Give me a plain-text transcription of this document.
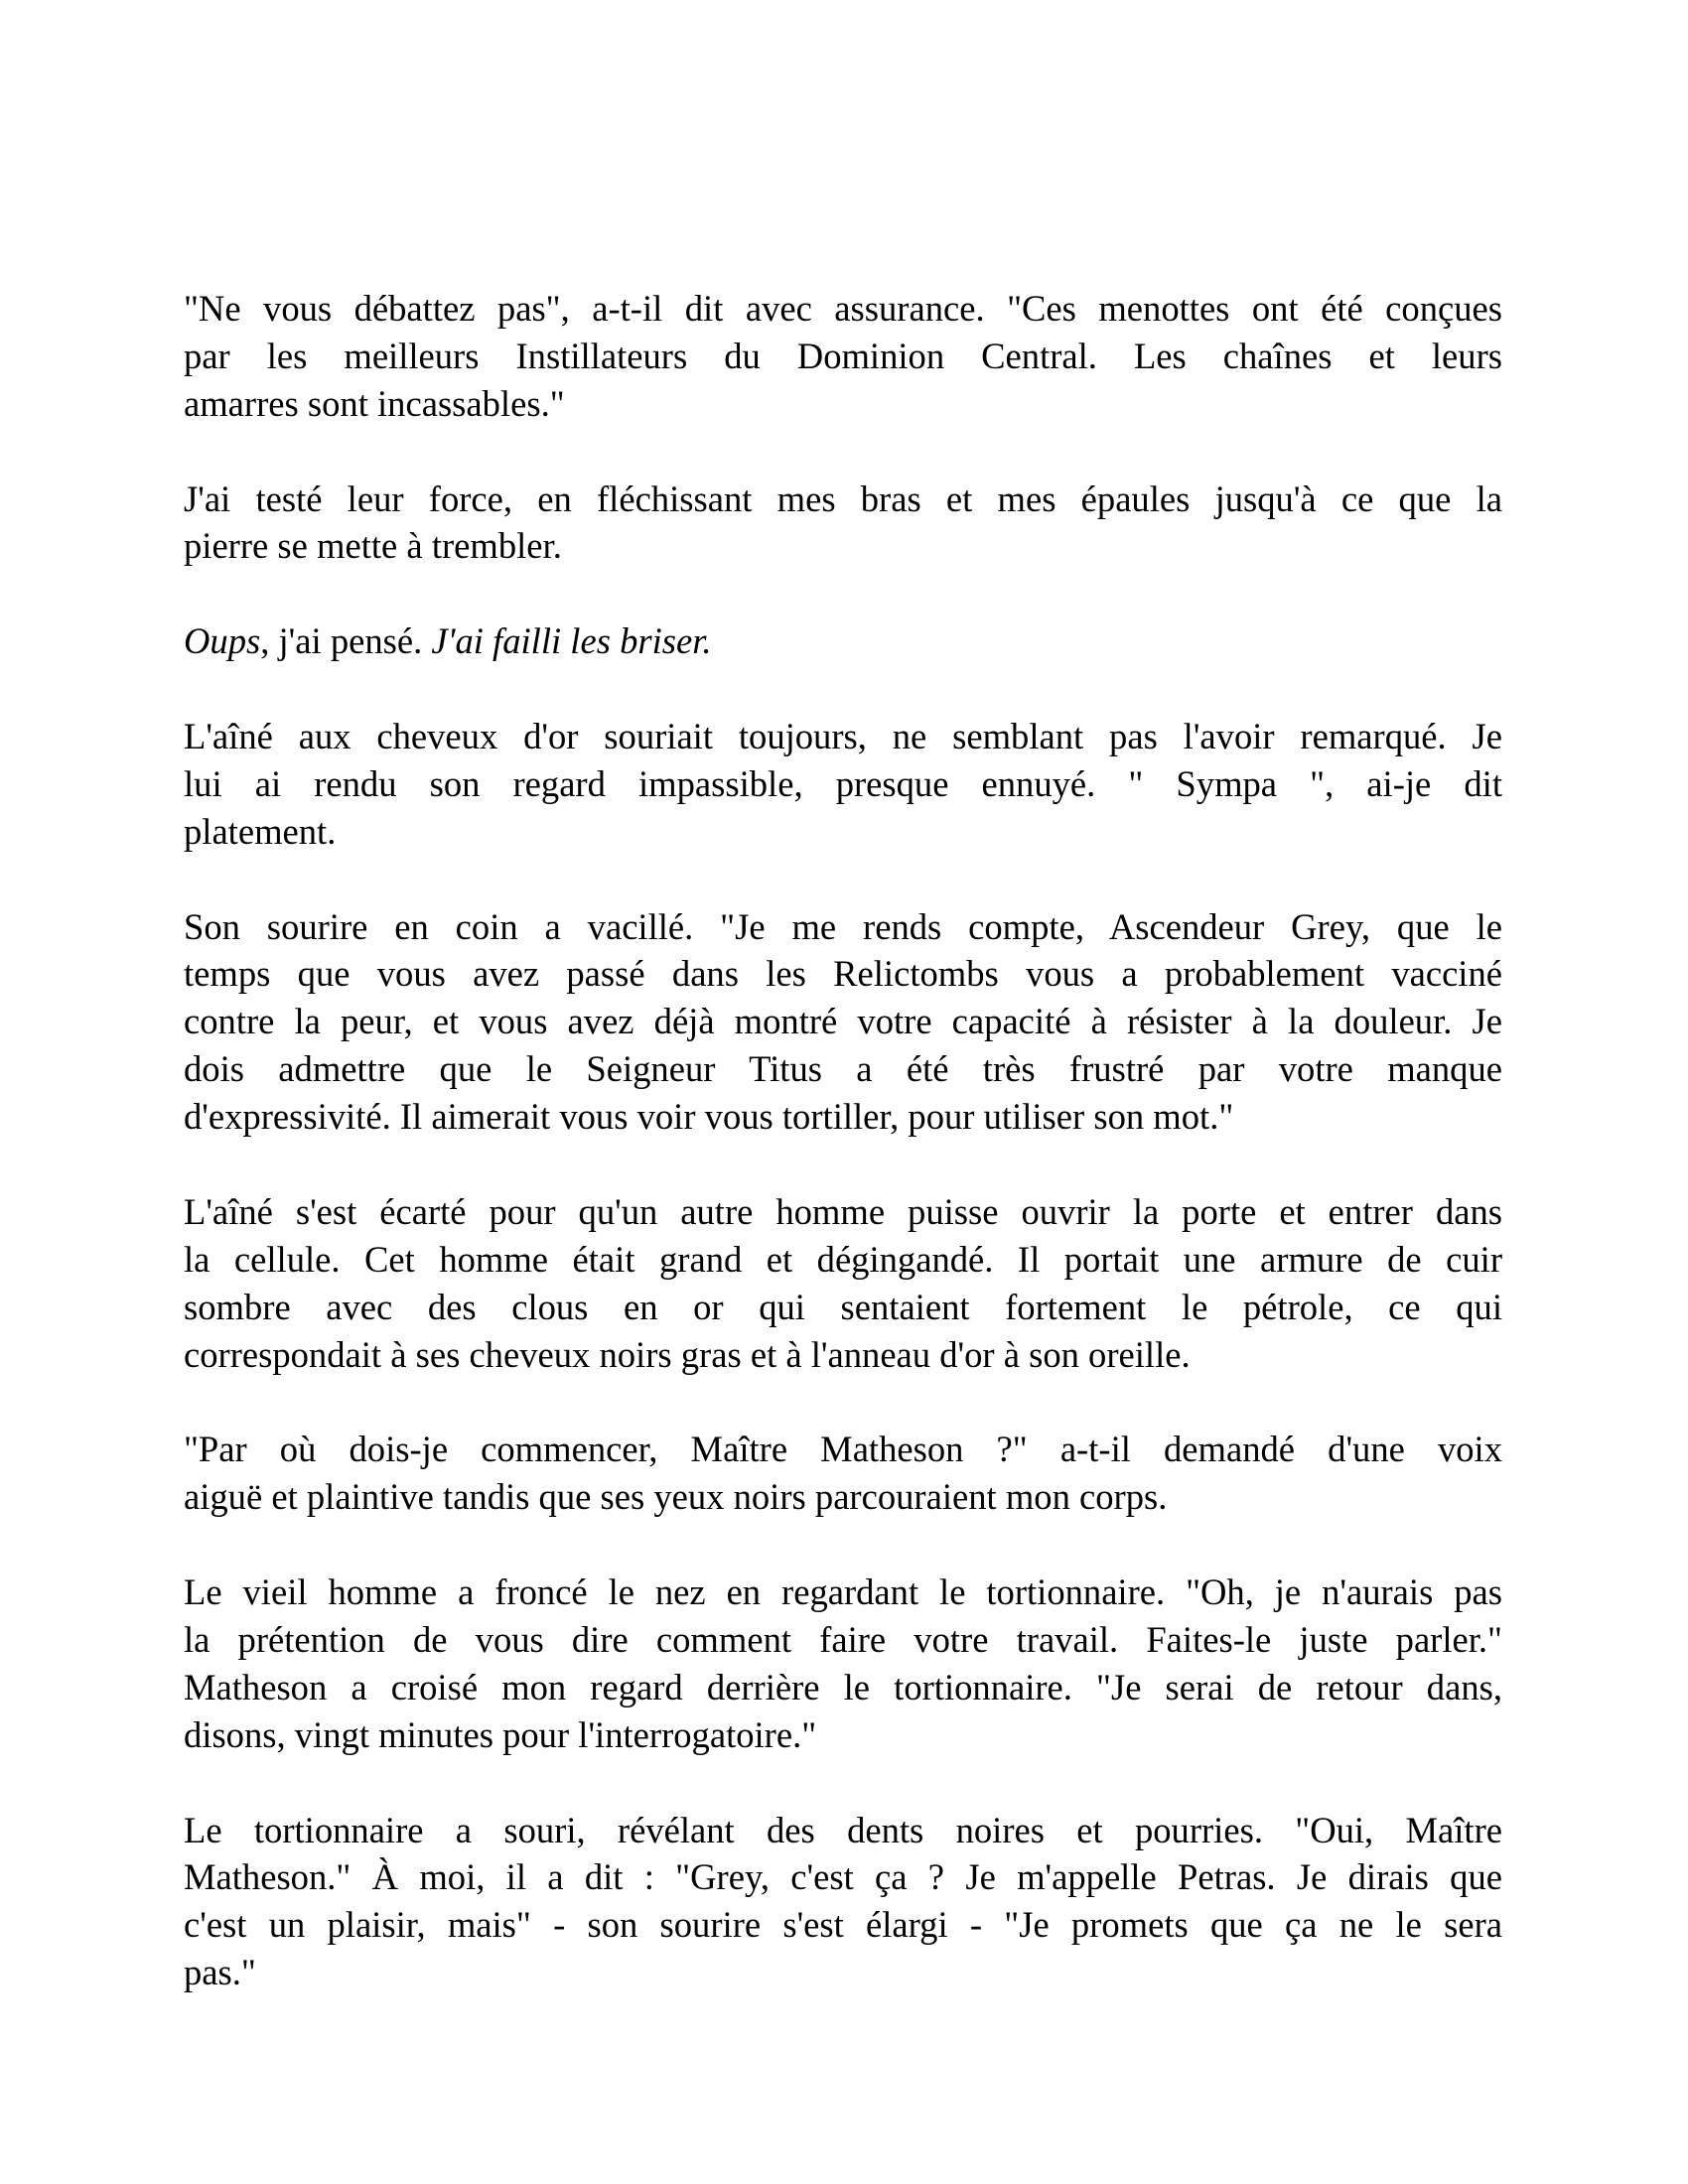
"Ne vous débattez pas", a-t-il dit avec assurance. "Ces menottes ont été conçues
par les meilleurs Instillateurs du Dominion Central. Les chaînes et leurs
amarres sont incassables."
J'ai testé leur force, en fléchissant mes bras et mes épaules jusqu'à ce que la
pierre se mette à trembler.
Oups, j'ai pensé. J'ai failli les briser.
L'aîné aux cheveux d'or souriait toujours, ne semblant pas l'avoir remarqué. Je
lui ai rendu son regard impassible, presque ennuyé. " Sympa ", ai-je dit
platement.
Son sourire en coin a vacillé. "Je me rends compte, Ascendeur Grey, que le
temps que vous avez passé dans les Relictombs vous a probablement vacciné
contre la peur, et vous avez déjà montré votre capacité à résister à la douleur. Je
dois admettre que le Seigneur Titus a été très frustré par votre manque
d'expressivité. Il aimerait vous voir vous tortiller, pour utiliser son mot."
L'aîné s'est écarté pour qu'un autre homme puisse ouvrir la porte et entrer dans
la cellule. Cet homme était grand et dégingandé. Il portait une armure de cuir
sombre avec des clous en or qui sentaient fortement le pétrole, ce qui
correspondait à ses cheveux noirs gras et à l'anneau d'or à son oreille.
"Par où dois-je commencer, Maître Matheson ?" a-t-il demandé d'une voix
aiguë et plaintive tandis que ses yeux noirs parcouraient mon corps.
Le vieil homme a froncé le nez en regardant le tortionnaire. "Oh, je n'aurais pas
la prétention de vous dire comment faire votre travail. Faites-le juste parler."
Matheson a croisé mon regard derrière le tortionnaire. "Je serai de retour dans,
disons, vingt minutes pour l'interrogatoire."
Le tortionnaire a souri, révélant des dents noires et pourries. "Oui, Maître
Matheson." À moi, il a dit : "Grey, c'est ça ? Je m'appelle Petras. Je dirais que
c'est un plaisir, mais" - son sourire s'est élargi - "Je promets que ça ne le sera
pas."
